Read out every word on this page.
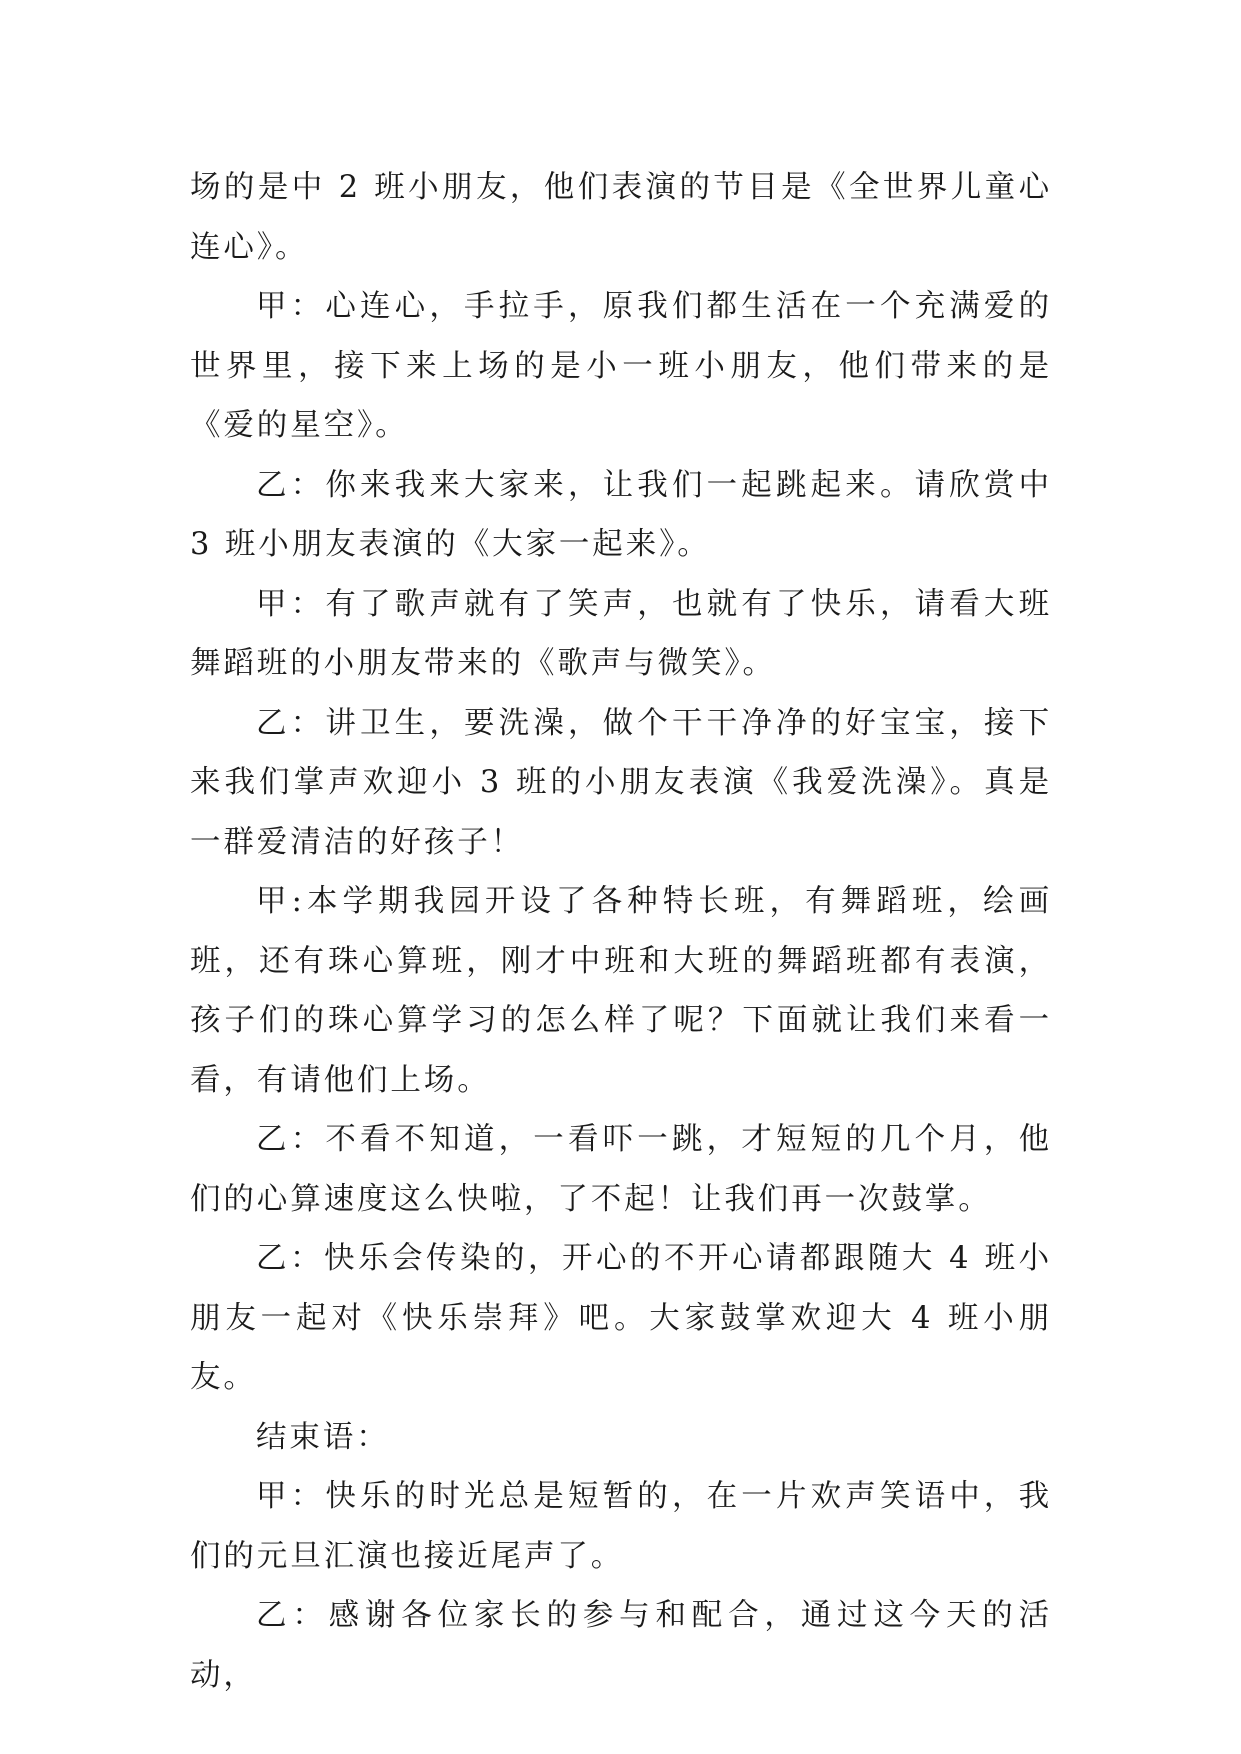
场的是中 2 班小朋友，他们表演的节目是《全世界儿童心连心》。

甲：心连心，手拉手，原我们都生活在一个充满爱的世界里，接下来上场的是小一班小朋友，他们带来的是《爱的星空》。

乙：你来我来大家来，让我们一起跳起来。请欣赏中 3 班小朋友表演的《大家一起来》。

甲：有了歌声就有了笑声，也就有了快乐，请看大班舞蹈班的小朋友带来的《歌声与微笑》。

乙：讲卫生，要洗澡，做个干干净净的好宝宝，接下来我们掌声欢迎小 3 班的小朋友表演《我爱洗澡》。真是一群爱清洁的好孩子！

甲:本学期我园开设了各种特长班，有舞蹈班，绘画班，还有珠心算班，刚才中班和大班的舞蹈班都有表演，孩子们的珠心算学习的怎么样了呢？下面就让我们来看一看，有请他们上场。

乙：不看不知道，一看吓一跳，才短短的几个月，他们的心算速度这么快啦，了不起！让我们再一次鼓掌。

乙：快乐会传染的，开心的不开心请都跟随大 4 班小朋友一起对《快乐崇拜》吧。大家鼓掌欢迎大 4 班小朋友。

结束语：

甲：快乐的时光总是短暂的，在一片欢声笑语中，我们的元旦汇演也接近尾声了。

乙：感谢各位家长的参与和配合，通过这今天的活动，
